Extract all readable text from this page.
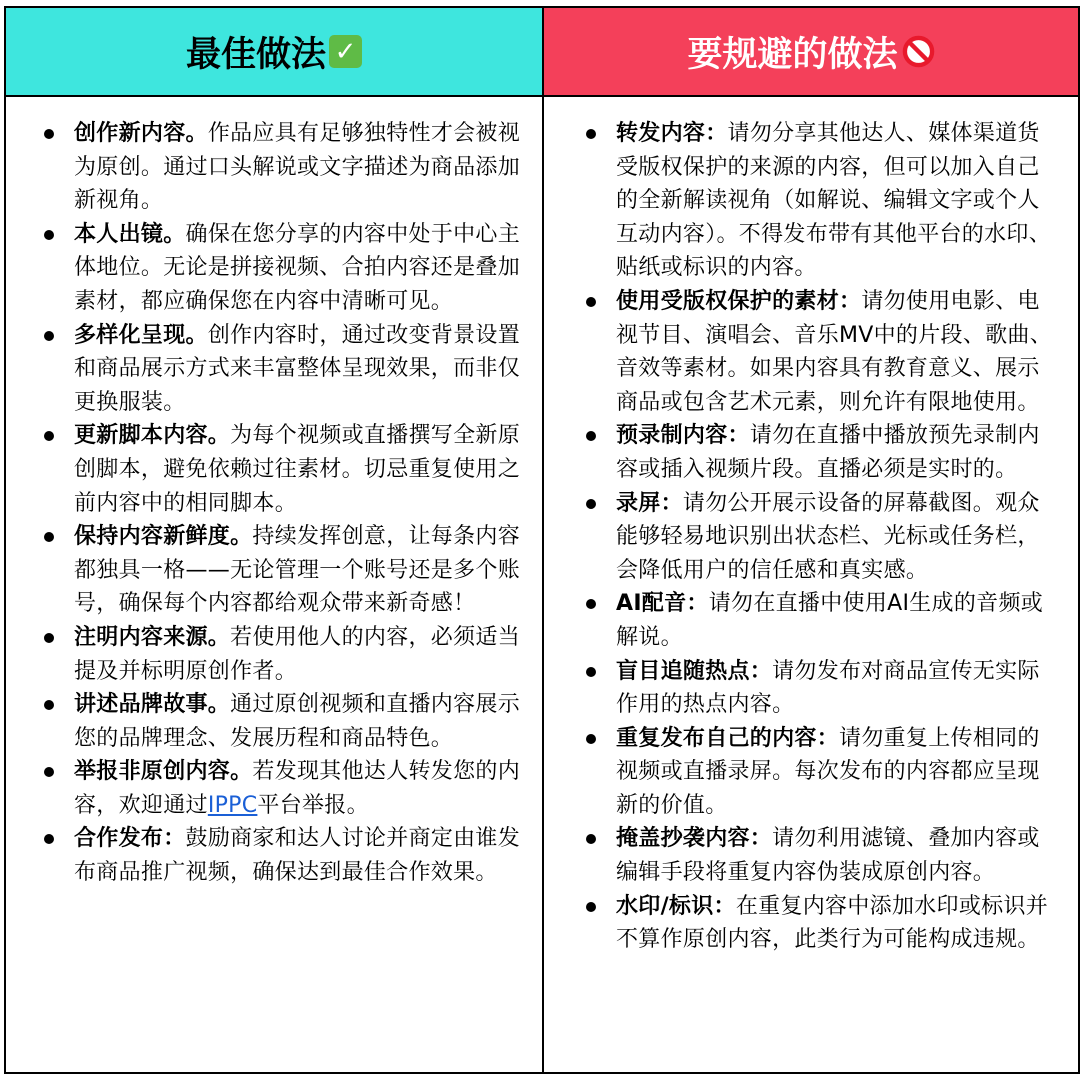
最佳做法 ✓	要规避的做法
创作新内容。作品应具有足够独特性才会被视为原创。通过口头解说或文字描述为商品添加新视角。
本人出镜。确保在您分享的内容中处于中心主体地位。无论是拼接视频、合拍内容还是叠加素材，都应确保您在内容中清晰可见。
多样化呈现。创作内容时，通过改变背景设置和商品展示方式来丰富整体呈现效果，而非仅更换服装。
更新脚本内容。为每个视频或直播撰写全新原创脚本，避免依赖过往素材。切忌重复使用之前内容中的相同脚本。
保持内容新鲜度。持续发挥创意，让每条内容都独具一格——无论管理一个账号还是多个账号，确保每个内容都给观众带来新奇感！
注明内容来源。若使用他人的内容，必须适当提及并标明原创作者。
讲述品牌故事。通过原创视频和直播内容展示您的品牌理念、发展历程和商品特色。
举报非原创内容。若发现其他达人转发您的内容，欢迎通过IPPC平台举报。
合作发布：鼓励商家和达人讨论并商定由谁发布商品推广视频，确保达到最佳合作效果。
转发内容：请勿分享其他达人、媒体渠道货受版权保护的来源的内容，但可以加入自己的全新解读视角（如解说、编辑文字或个人互动内容）。不得发布带有其他平台的水印、贴纸或标识的内容。
使用受版权保护的素材：请勿使用电影、电视节目、演唱会、音乐MV中的片段、歌曲、音效等素材。如果内容具有教育意义、展示商品或包含艺术元素，则允许有限地使用。
预录制内容：请勿在直播中播放预先录制内容或插入视频片段。直播必须是实时的。
录屏：请勿公开展示设备的屏幕截图。观众能够轻易地识别出状态栏、光标或任务栏，会降低用户的信任感和真实感。
AI配音：请勿在直播中使用AI生成的音频或解说。
盲目追随热点：请勿发布对商品宣传无实际作用的热点内容。
重复发布自己的内容：请勿重复上传相同的视频或直播录屏。每次发布的内容都应呈现新的价值。
掩盖抄袭内容：请勿利用滤镜、叠加内容或编辑手段将重复内容伪装成原创内容。
水印/标识：在重复内容中添加水印或标识并不算作原创内容，此类行为可能构成违规。
